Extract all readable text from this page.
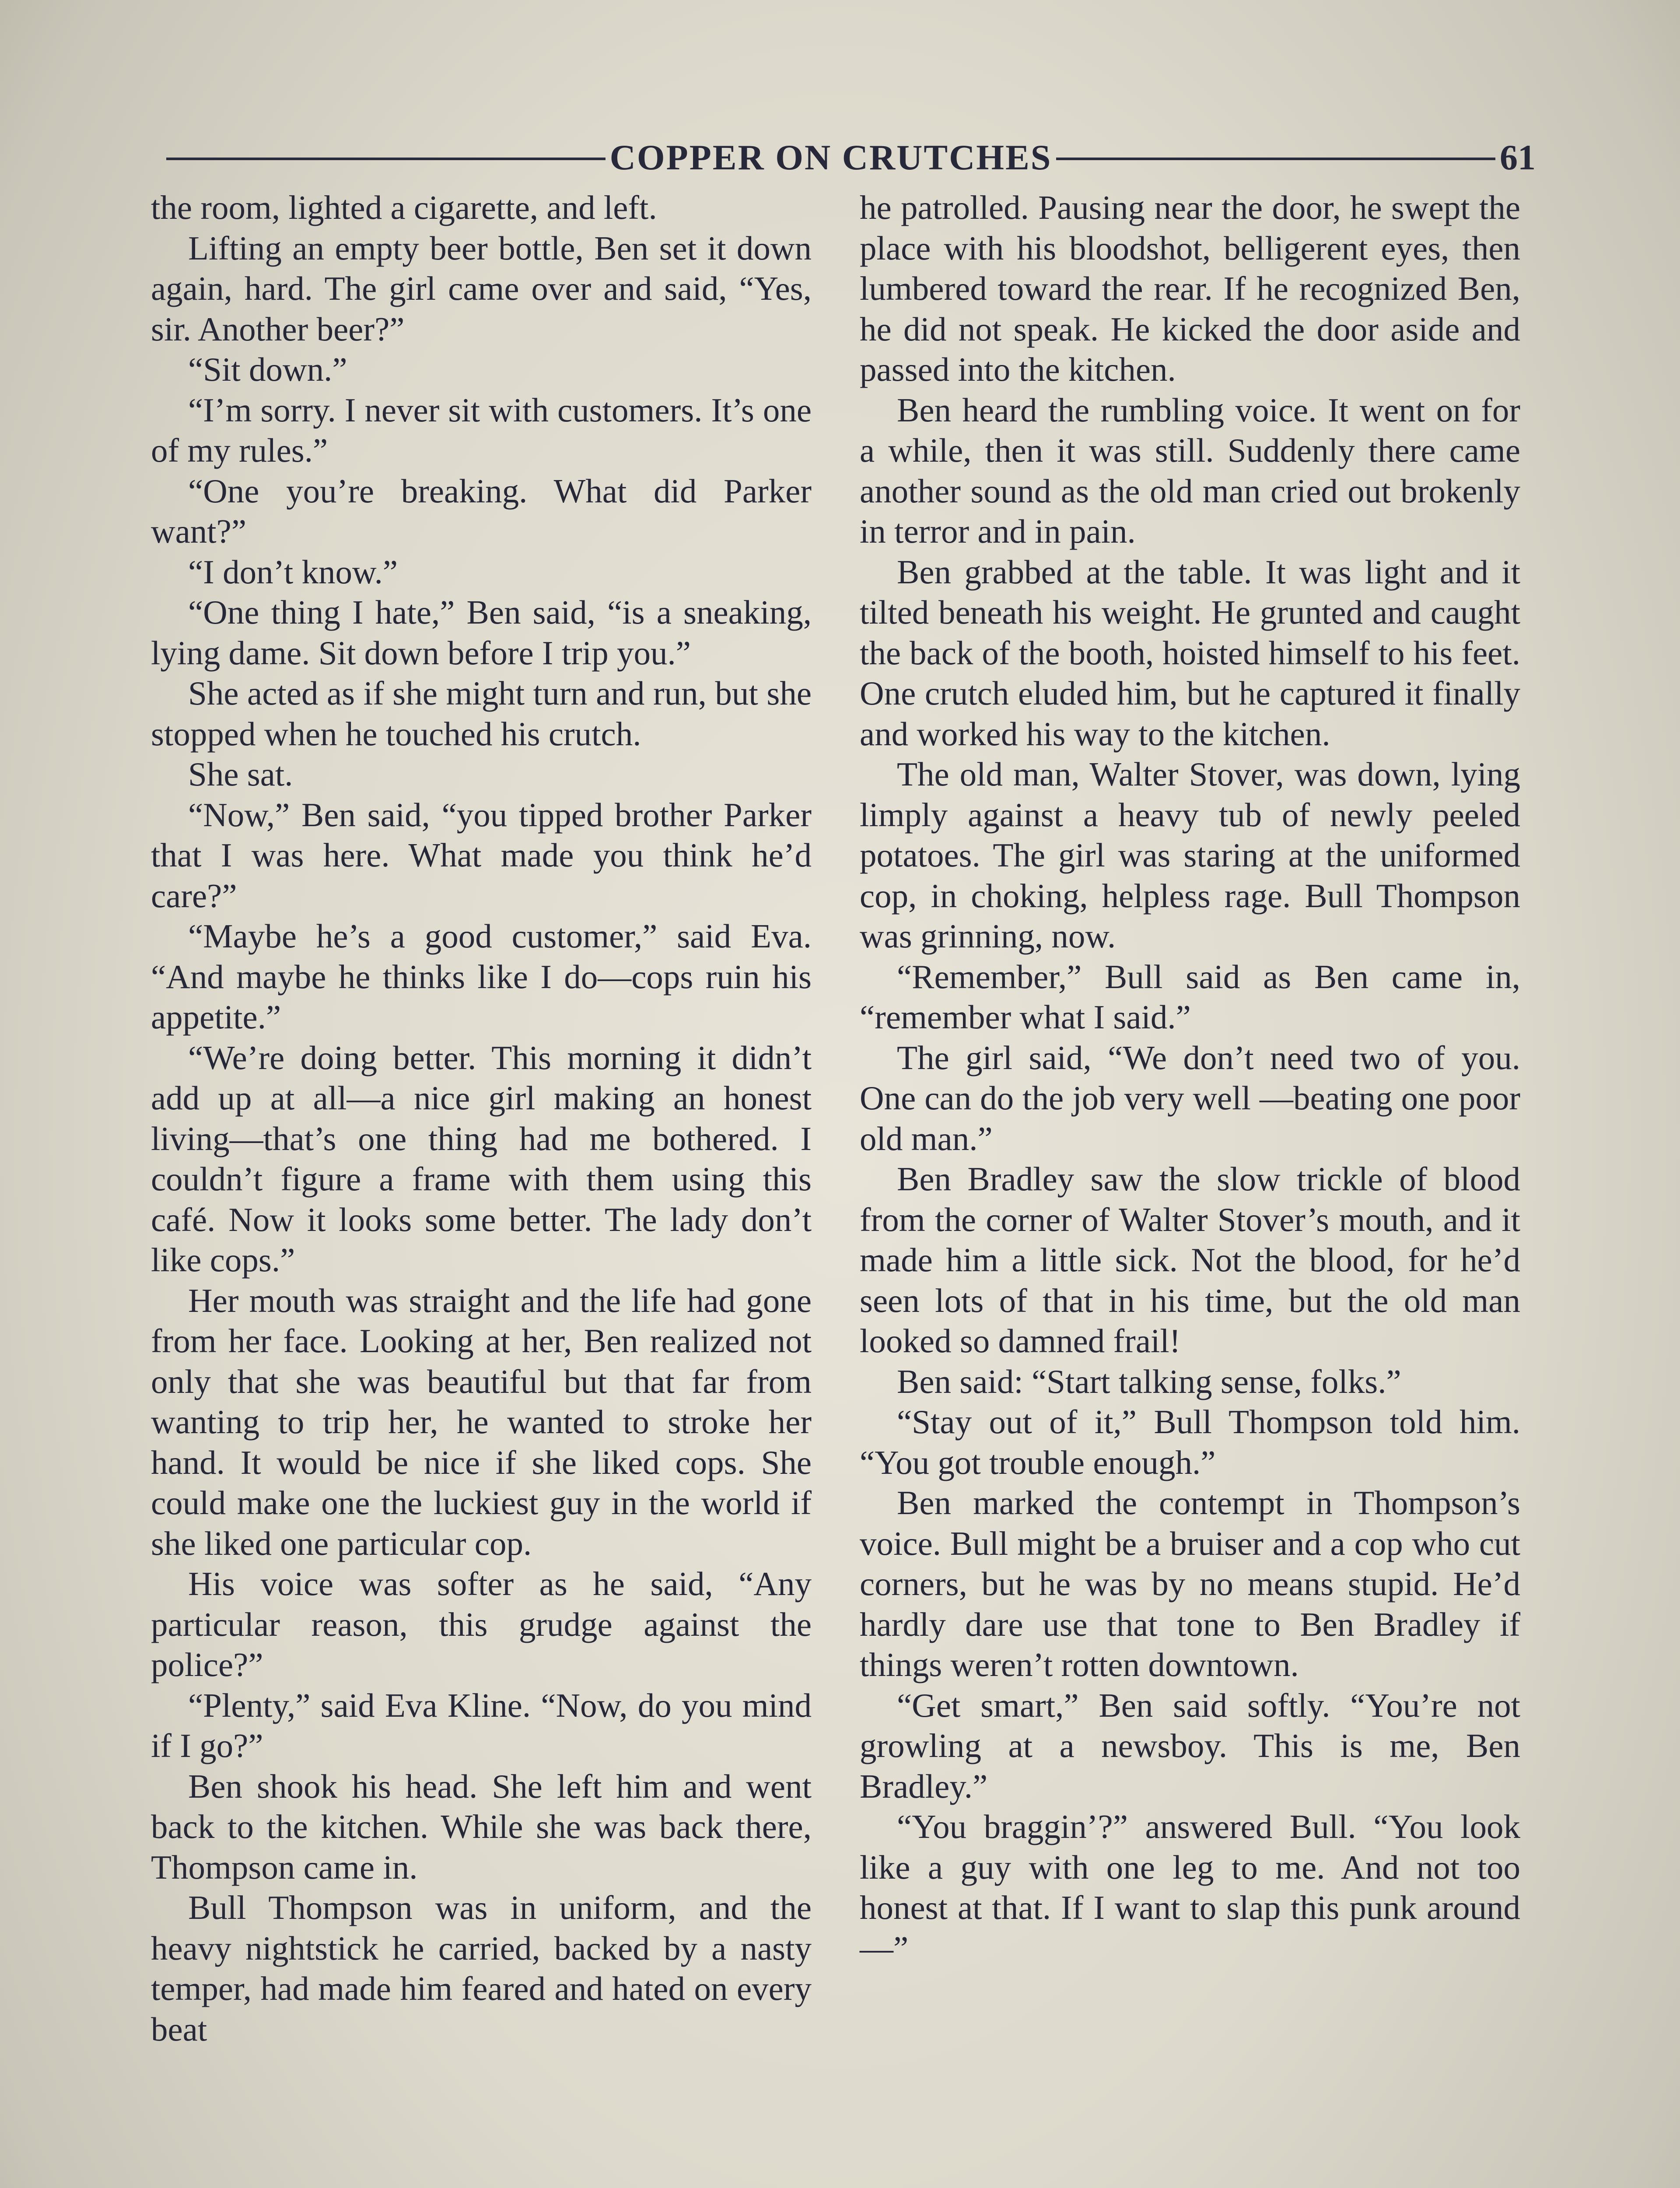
COPPER ON CRUTCHES	61

the room, lighted a cigarette, and left.

Lifting an empty beer bottle, Ben set it down again, hard. The girl came over and said, “Yes, sir. Another beer?”

“Sit down.”

“I’m sorry. I never sit with customers. It’s one of my rules.”

“One you’re breaking. What did Parker want?”

“I don’t know.”

“One thing I hate,” Ben said, “is a sneaking, lying dame. Sit down before I trip you.”

She acted as if she might turn and run, but she stopped when he touched his crutch.

She sat.

“Now,” Ben said, “you tipped brother Parker that I was here. What made you think he’d care?”

“Maybe he’s a good customer,” said Eva. “And maybe he thinks like I do—cops ruin his appetite.”

“We’re doing better. This morning it didn’t add up at all—a nice girl making an honest living—that’s one thing had me bothered. I couldn’t figure a frame with them using this café. Now it looks some better. The lady don’t like cops.”

Her mouth was straight and the life had gone from her face. Looking at her, Ben realized not only that she was beautiful but that far from wanting to trip her, he wanted to stroke her hand. It would be nice if she liked cops. She could make one the luckiest guy in the world if she liked one particular cop.

His voice was softer as he said, “Any particular reason, this grudge against the police?”

“Plenty,” said Eva Kline. “Now, do you mind if I go?”

Ben shook his head. She left him and went back to the kitchen. While she was back there, Thompson came in.

Bull Thompson was in uniform, and the heavy nightstick he carried, backed by a nasty temper, had made him feared and hated on every beat

he patrolled. Pausing near the door, he swept the place with his bloodshot, belligerent eyes, then lumbered toward the rear. If he recognized Ben, he did not speak. He kicked the door aside and passed into the kitchen.

Ben heard the rumbling voice. It went on for a while, then it was still. Suddenly there came another sound as the old man cried out brokenly in terror and in pain.

Ben grabbed at the table. It was light and it tilted beneath his weight. He grunted and caught the back of the booth, hoisted himself to his feet. One crutch eluded him, but he captured it finally and worked his way to the kitchen.

The old man, Walter Stover, was down, lying limply against a heavy tub of newly peeled potatoes. The girl was staring at the uniformed cop, in choking, helpless rage. Bull Thompson was grinning, now.

“Remember,” Bull said as Ben came in, “remember what I said.”

The girl said, “We don’t need two of you. One can do the job very well —beating one poor old man.”

Ben Bradley saw the slow trickle of blood from the corner of Walter Stover’s mouth, and it made him a little sick. Not the blood, for he’d seen lots of that in his time, but the old man looked so damned frail!

Ben said: “Start talking sense, folks.”

“Stay out of it,” Bull Thompson told him. “You got trouble enough.”

Ben marked the contempt in Thompson’s voice. Bull might be a bruiser and a cop who cut corners, but he was by no means stupid. He’d hardly dare use that tone to Ben Bradley if things weren’t rotten downtown.

“Get smart,” Ben said softly. “You’re not growling at a newsboy. This is me, Ben Bradley.”

“You braggin’?” answered Bull. “You look like a guy with one leg to me. And not too honest at that. If I want to slap this punk around—”
